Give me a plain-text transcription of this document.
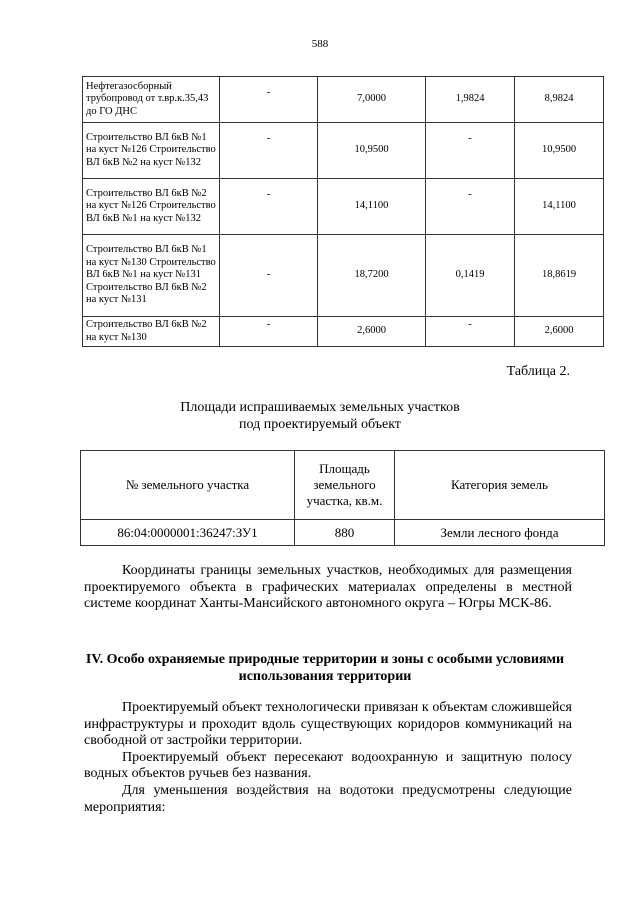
588
Нефтегазосборный трубопровод от т.вр.к.35,43 до ГО ДНС	-	7,0000	1,9824	8,9824
Строительство ВЛ 6кВ №1 на куст №126 Строительство ВЛ 6кВ №2 на куст №132	-	10,9500	-	10,9500
Строительство ВЛ 6кВ №2 на куст №126 Строительство ВЛ 6кВ №1 на куст №132	-	14,1100	-	14,1100
Строительство ВЛ 6кВ №1 на куст №130 Строительство ВЛ 6кВ №1 на куст №131 Строительство ВЛ 6кВ №2 на куст №131	-	18,7200	0,1419	18,8619
Строительство ВЛ 6кВ №2 на куст №130	-	2,6000	-	2,6000
Таблица 2.
Площади испрашиваемых земельных участков
под проектируемый объект
№ земельного участка	Площадь земельного участка, кв.м.	Категория земель
86:04:0000001:36247:ЗУ1	880	Земли лесного фонда

Координаты границы земельных участков, необходимых для размещения проектируемого объекта в графических материалах определены в местной системе координат Ханты-Мансийского автономного округа – Югры МСК-86.

IV. Особо охраняемые природные территории и зоны с особыми условиями использования территории

Проектируемый объект технологически привязан к объектам сложившейся инфраструктуры и проходит вдоль существующих коридоров коммуникаций на свободной от застройки территории.

Проектируемый объект пересекают водоохранную и защитную полосу водных объектов ручьев без названия.

Для уменьшения воздействия на водотоки предусмотрены следующие мероприятия:
